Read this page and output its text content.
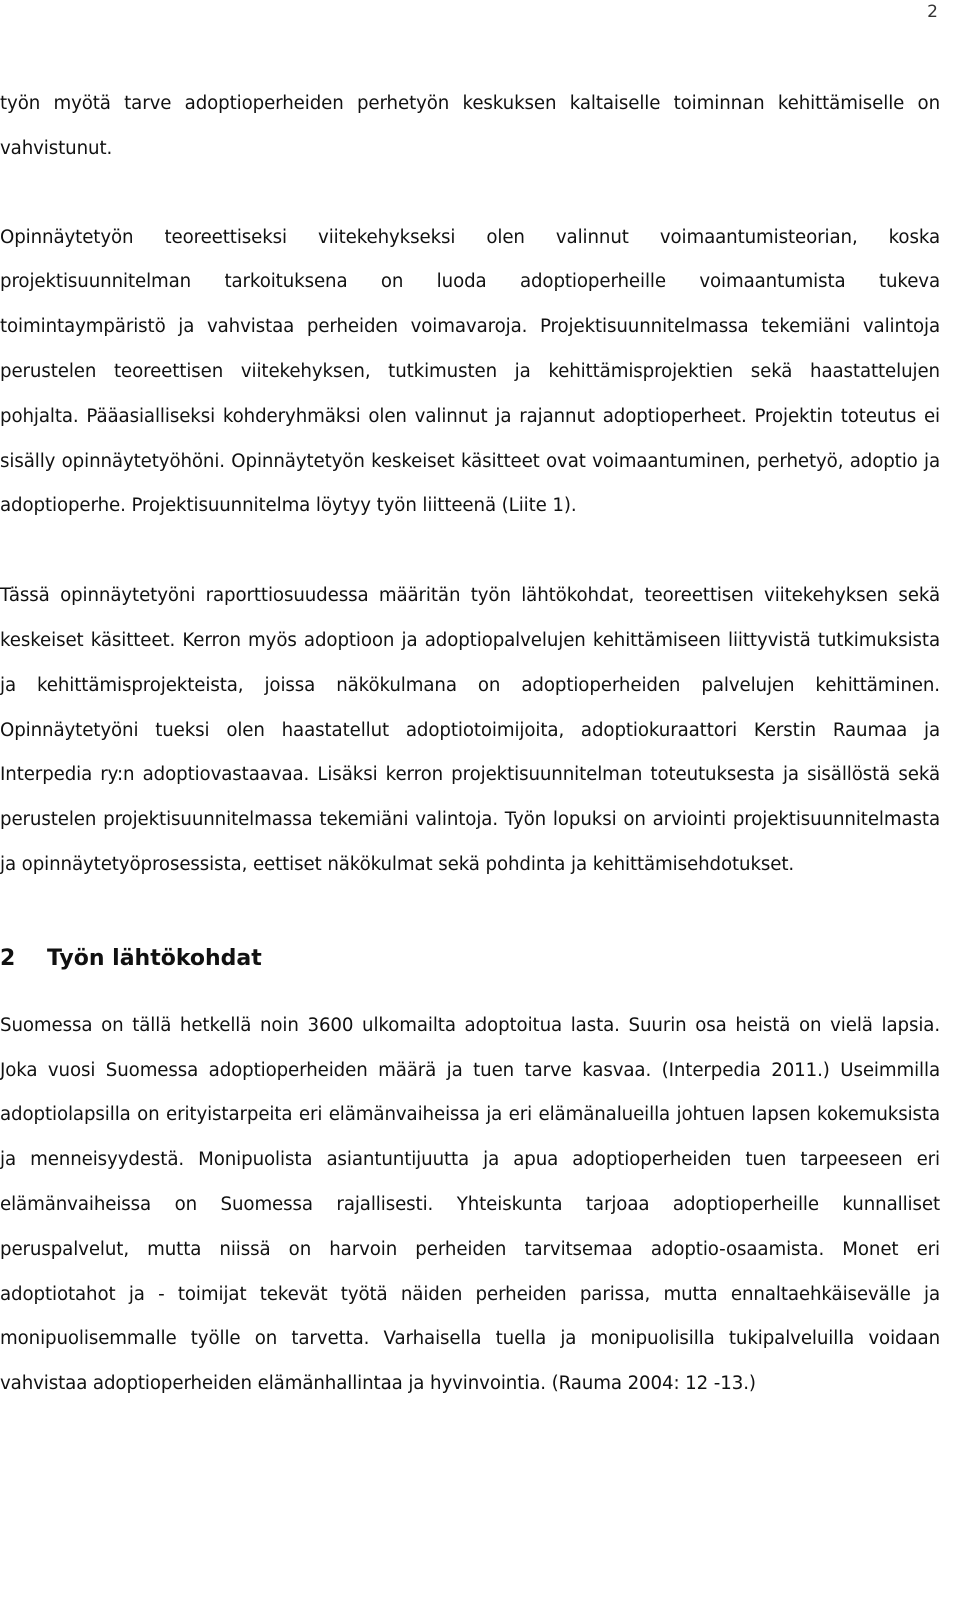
2

työn myötä tarve adoptioperheiden perhetyön keskuksen kaltaiselle toiminnan kehittämiselle on vahvistunut.

Opinnäytetyön teoreettiseksi viitekehykseksi olen valinnut voimaantumisteorian, koska projektisuunnitelman tarkoituksena on luoda adoptioperheille voimaantumista tukeva toimintaympäristö ja vahvistaa perheiden voimavaroja. Projektisuunnitelmassa tekemiäni valintoja perustelen teoreettisen viitekehyksen, tutkimusten ja kehittämisprojektien sekä haastattelujen pohjalta. Pääasialliseksi kohderyhmäksi olen valinnut ja rajannut adoptioperheet. Projektin toteutus ei sisälly opinnäytetyöhöni. Opinnäytetyön keskeiset käsitteet ovat voimaantuminen, perhetyö, adoptio ja adoptioperhe. Projektisuunnitelma löytyy työn liitteenä (Liite 1).

Tässä opinnäytetyöni raporttiosuudessa määritän työn lähtökohdat, teoreettisen viitekehyksen sekä keskeiset käsitteet. Kerron myös adoptioon ja adoptiopalvelujen kehittämiseen liittyvistä tutkimuksista ja kehittämisprojekteista, joissa näkökulmana on adoptioperheiden palvelujen kehittäminen. Opinnäytetyöni tueksi olen haastatellut adoptiotoimijoita, adoptiokuraattori Kerstin Raumaa ja Interpedia ry:n adoptiovastaavaa. Lisäksi kerron projektisuunnitelman toteutuksesta ja sisällöstä sekä perustelen projektisuunnitelmassa tekemiäni valintoja. Työn lopuksi on arviointi projektisuunnitelmasta ja opinnäytetyöprosessista, eettiset näkökulmat sekä pohdinta ja kehittämisehdotukset.

2	Työn lähtökohdat

Suomessa on tällä hetkellä noin 3600 ulkomailta adoptoitua lasta. Suurin osa heistä on vielä lapsia. Joka vuosi Suomessa adoptioperheiden määrä ja tuen tarve kasvaa. (Interpedia 2011.) Useimmilla adoptiolapsilla on erityistarpeita eri elämänvaiheissa ja eri elämänalueilla johtuen lapsen kokemuksista ja menneisyydestä. Monipuolista asiantuntijuutta ja apua adoptioperheiden tuen tarpeeseen eri elämänvaiheissa on Suomessa rajallisesti. Yhteiskunta tarjoaa adoptioperheille kunnalliset peruspalvelut, mutta niissä on harvoin perheiden tarvitsemaa adoptio-osaamista. Monet eri adoptiotahot ja - toimijat tekevät työtä näiden perheiden parissa, mutta ennaltaehkäisevälle ja monipuolisemmalle työlle on tarvetta. Varhaisella tuella ja monipuolisilla tukipalveluilla voidaan vahvistaa adoptioperheiden elämänhallintaa ja hyvinvointia. (Rauma 2004: 12 -13.)
